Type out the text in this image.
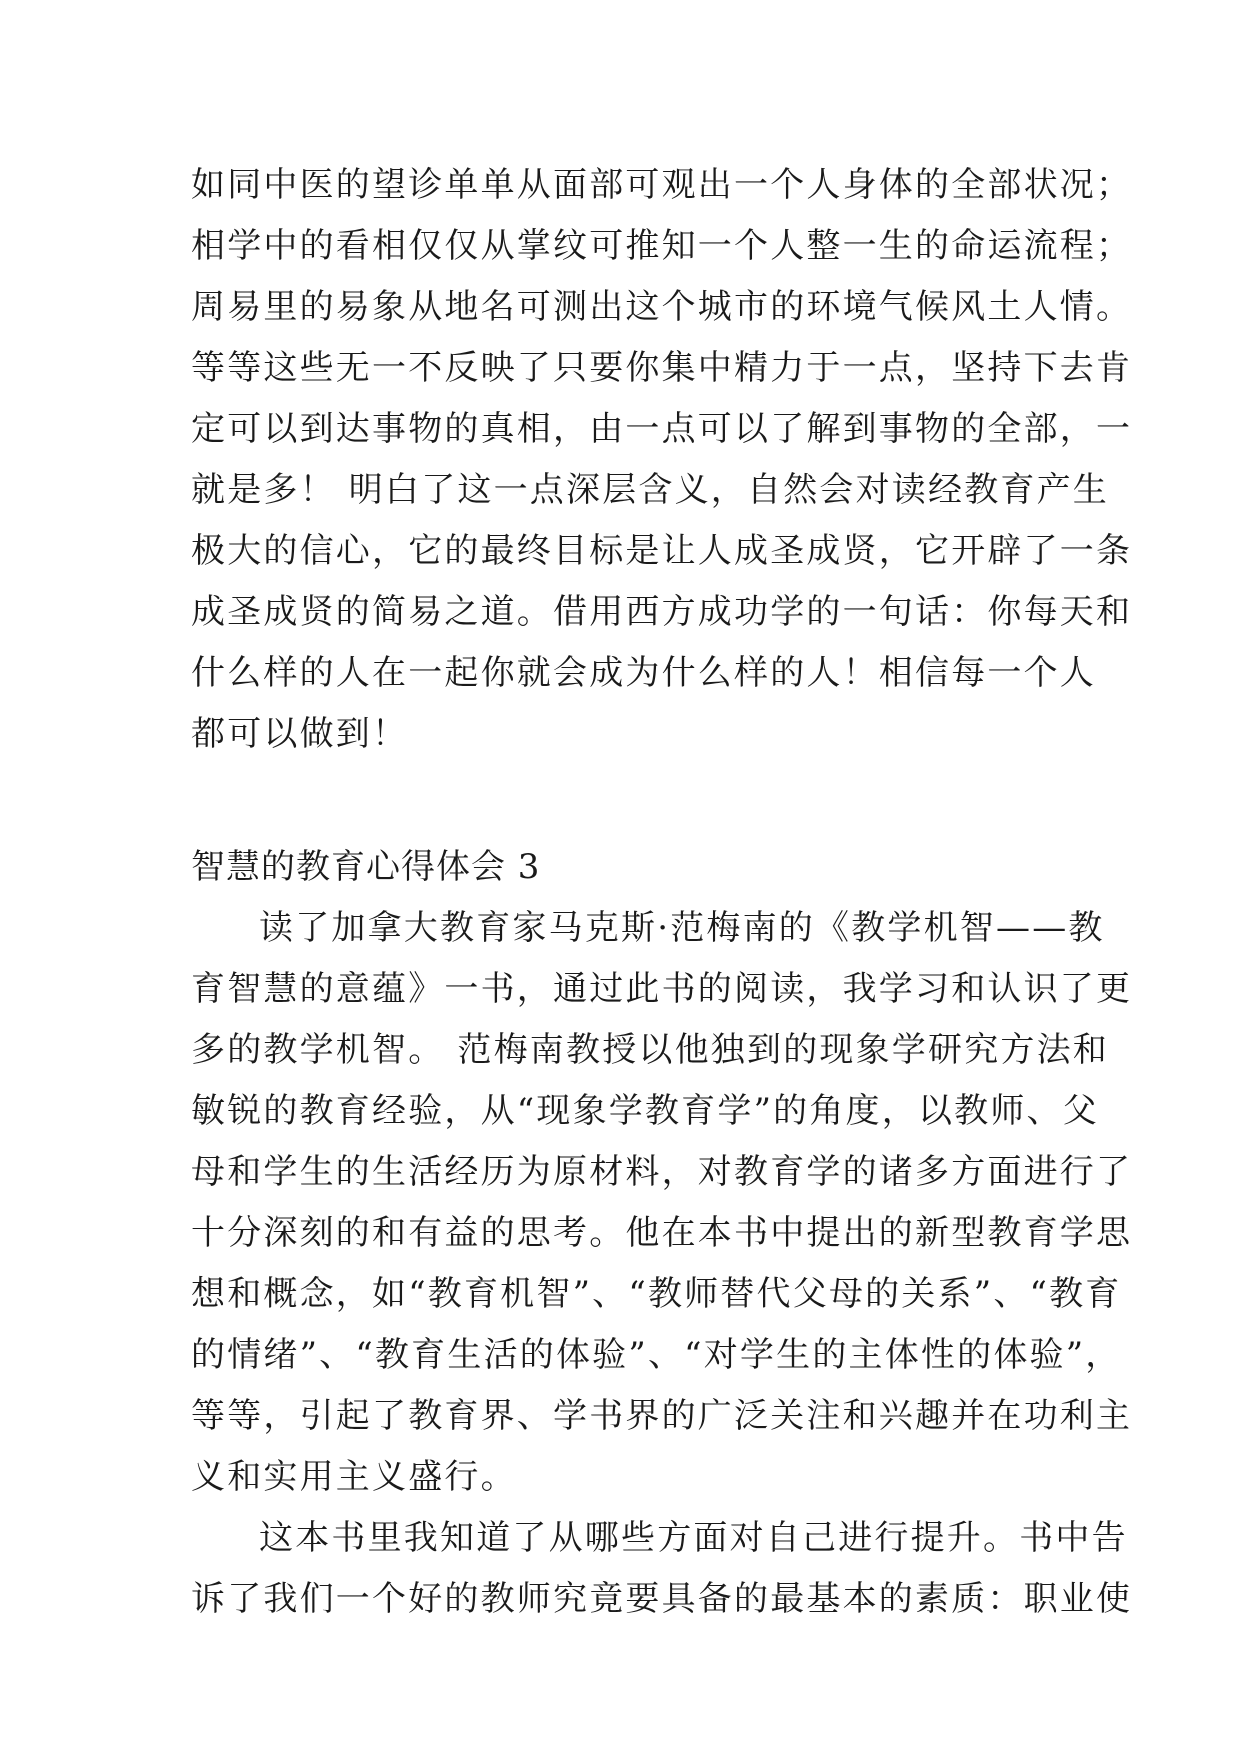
如同中医的望诊单单从面部可观出一个人身体的全部状况；
相学中的看相仅仅从掌纹可推知一个人整一生的命运流程；
周易里的易象从地名可测出这个城市的环境气候风土人情。
等等这些无一不反映了只要你集中精力于一点，坚持下去肯
定可以到达事物的真相，由一点可以了解到事物的全部，一
就是多！ 明白了这一点深层含义，自然会对读经教育产生
极大的信心，它的最终目标是让人成圣成贤，它开辟了一条
成圣成贤的简易之道。借用西方成功学的一句话：你每天和
什么样的人在一起你就会成为什么样的人！相信每一个人
都可以做到！
智慧的教育心得体会 3
读了加拿大教育家马克斯·范梅南的《教学机智——教
育智慧的意蕴》一书，通过此书的阅读，我学习和认识了更
多的教学机智。 范梅南教授以他独到的现象学研究方法和
敏锐的教育经验，从“现象学教育学”的角度，以教师、父
母和学生的生活经历为原材料，对教育学的诸多方面进行了
十分深刻的和有益的思考。他在本书中提出的新型教育学思
想和概念，如“教育机智”、“教师替代父母的关系”、“教育
的情绪”、“教育生活的体验”、“对学生的主体性的体验”，
等等，引起了教育界、学书界的广泛关注和兴趣并在功利主
义和实用主义盛行。
这本书里我知道了从哪些方面对自己进行提升。书中告
诉了我们一个好的教师究竟要具备的最基本的素质：职业使
